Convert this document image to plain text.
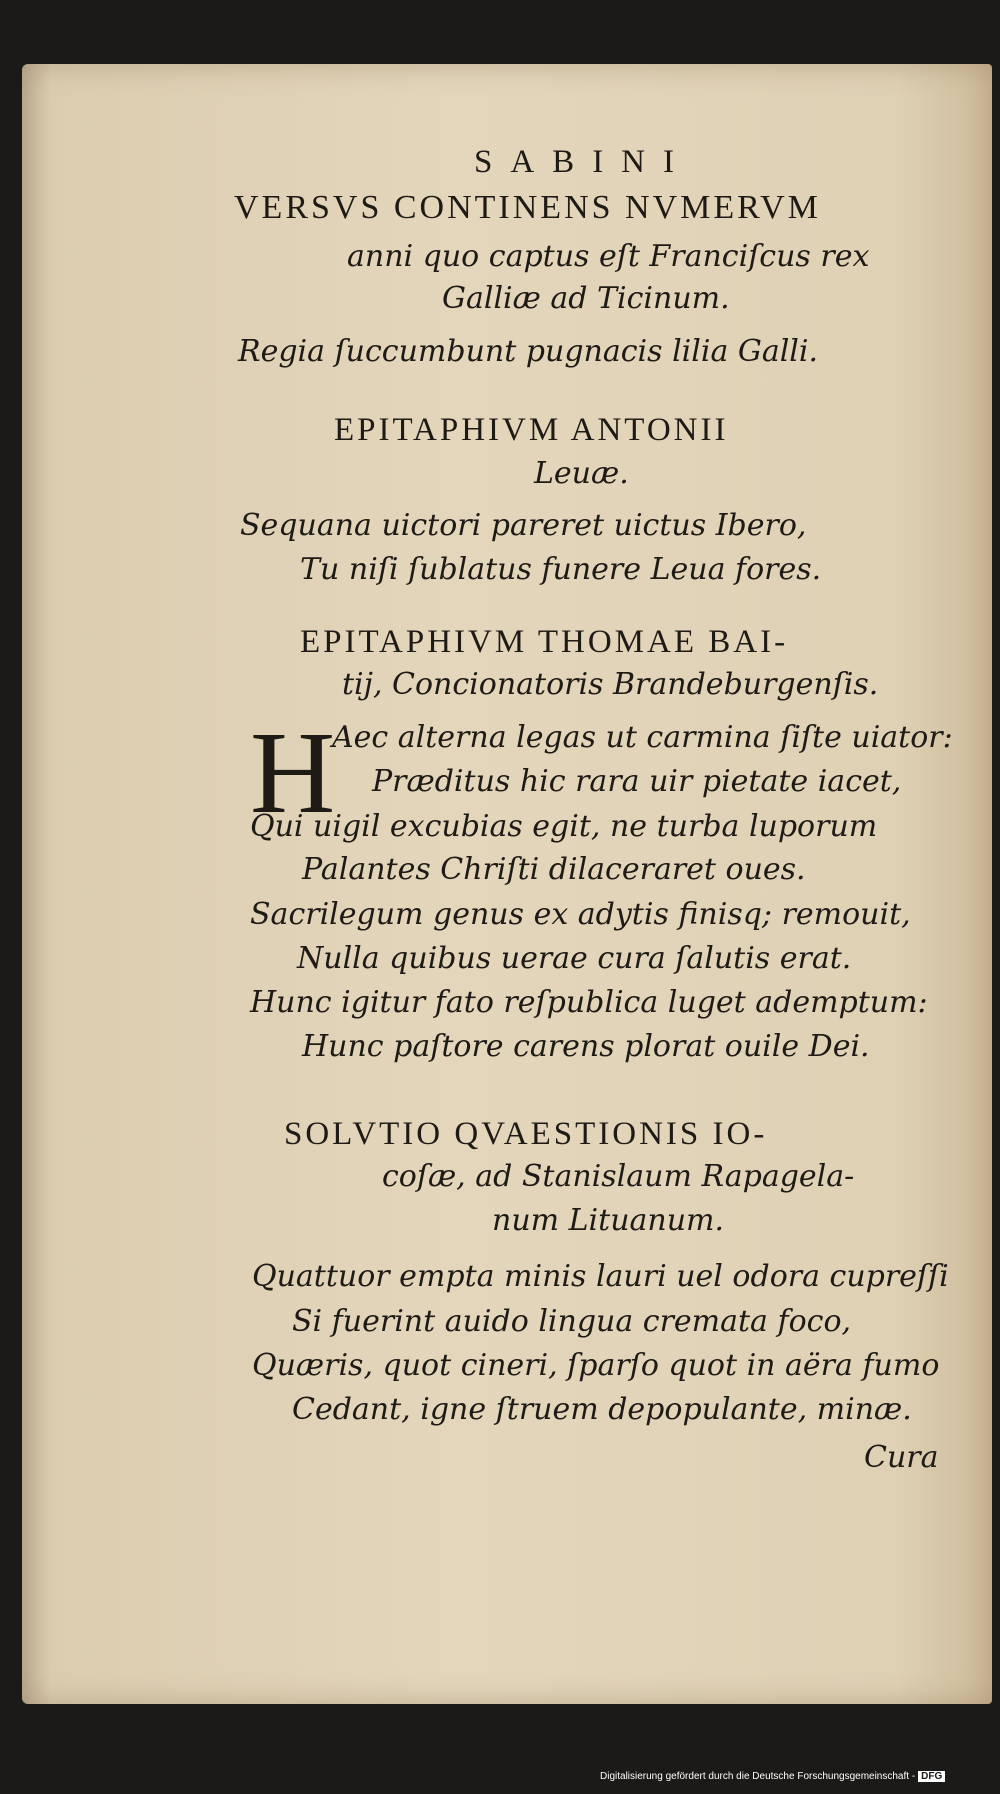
SABINI
VERSVS CONTINENS NVMERVM
anni quo captus eſt Franciſcus rex
Galliæ ad Ticinum.
Regia ſuccumbunt pugnacis lilia Galli.
EPITAPHIVM ANTONII
Leuæ.
Sequana uictori pareret uictus Ibero,
Tu niſi ſublatus funere Leua fores.
EPITAPHIVM THOMAE BAI-
tij, Concionatoris Brandeburgenſis.
H
Aec alterna legas ut carmina ſiſte uiator:
Præditus hic rara uir pietate iacet,
Qui uigil excubias egit, ne turba luporum
Palantes Chriſti dilaceraret oues.
Sacrilegum genus ex adytis finisq; remouit,
Nulla quibus uerae cura ſalutis erat.
Hunc igitur fato reſpublica luget ademptum:
Hunc paſtore carens plorat ouile Dei.
SOLVTIO QVAESTIONIS IO-
coſæ, ad Stanislaum Rapagela-
num Lituanum.
Quattuor empta minis lauri uel odora cupreſſi
Si fuerint auido lingua cremata foco,
Quæris, quot cineri, ſparſo quot in aëra fumo
Cedant, igne ſtruem depopulante, minæ.
Cura
Digitalisierung gefördert durch die Deutsche Forschungsgemeinschaft - DFG
